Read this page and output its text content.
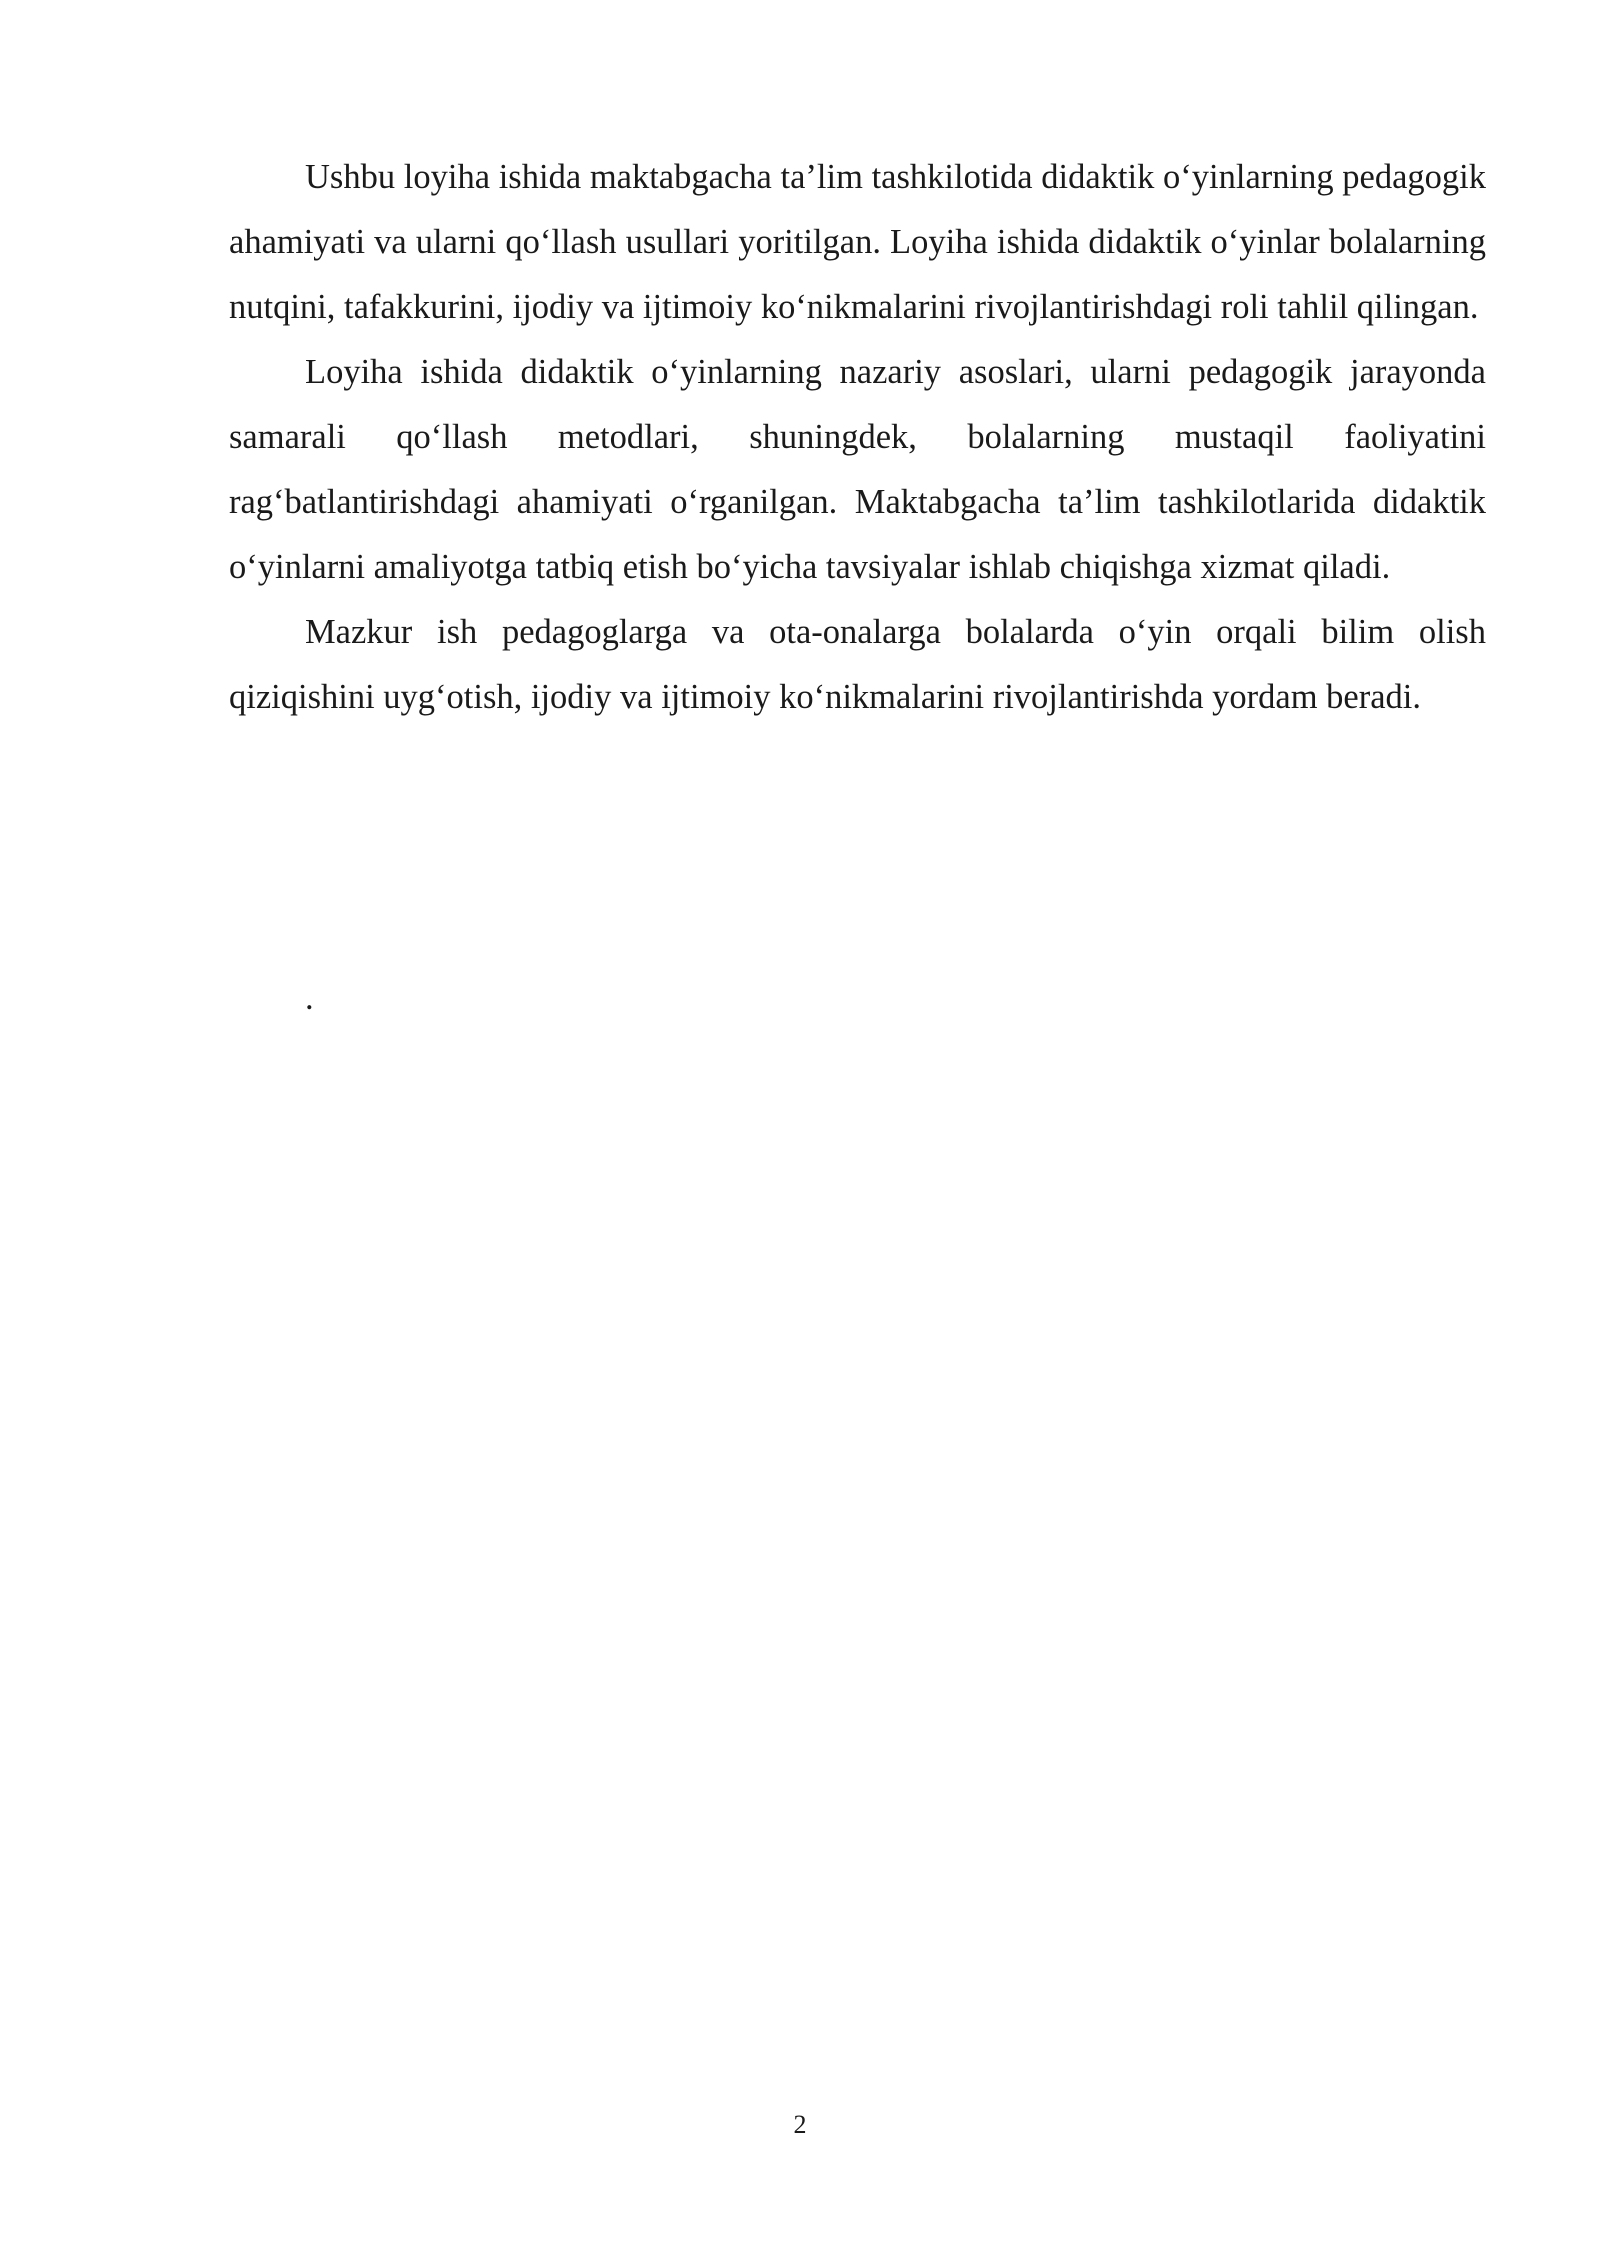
Ushbu loyiha ishida maktabgacha ta’lim tashkilotida didaktik o‘yinlarning pedagogik ahamiyati va ularni qo‘llash usullari yoritilgan. Loyiha ishida didaktik o‘yinlar bolalarning nutqini, tafakkurini, ijodiy va ijtimoiy ko‘nikmalarini rivojlantirishdagi roli tahlil qilingan.

Loyiha ishida didaktik o‘yinlarning nazariy asoslari, ularni pedagogik jarayonda samarali qo‘llash metodlari, shuningdek, bolalarning mustaqil faoliyatini rag‘batlantirishdagi ahamiyati o‘rganilgan. Maktabgacha ta’lim tashkilotlarida didaktik o‘yinlarni amaliyotga tatbiq etish bo‘yicha tavsiyalar ishlab chiqishga xizmat qiladi.

Mazkur ish pedagoglarga va ota-onalarga bolalarda o‘yin orqali bilim olish qiziqishini uyg‘otish, ijodiy va ijtimoiy ko‘nikmalarini rivojlantirishda yordam beradi.

.
2
